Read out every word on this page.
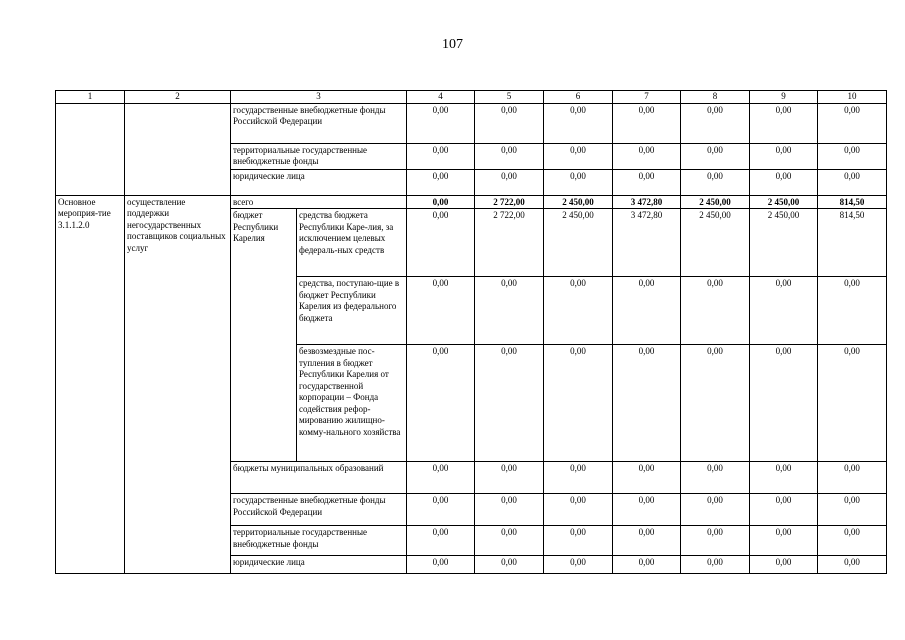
107
1	2	3		4	5	6	7	8	9	10
		государственные внебюджетные фонды Российской Федерации		0,00	0,00	0,00	0,00	0,00	0,00	0,00
		территориальные государственные внебюджетные фонды		0,00	0,00	0,00	0,00	0,00	0,00	0,00
		юридические лица		0,00	0,00	0,00	0,00	0,00	0,00	0,00
Основное мероприя-тие 3.1.1.2.0	осуществление поддержки негосударственных поставщиков социальных услуг	всего		0,00	2 722,00	2 450,00	3 472,80	2 450,00	2 450,00	814,50
		бюджет Республики Карелия	средства бюджета Республики Каре-лия, за исключением целевых федераль-ных средств	0,00	2 722,00	2 450,00	3 472,80	2 450,00	2 450,00	814,50
			средства, поступаю-щие в бюджет Республики Карелия из федерального бюджета	0,00	0,00	0,00	0,00	0,00	0,00	0,00
			безвозмездные пос-тупления в бюджет Республики Карелия от государственной корпорации – Фонда содействия рефор-мированию жилищно-комму-нального хозяйства	0,00	0,00	0,00	0,00	0,00	0,00	0,00
		бюджеты муниципальных образований		0,00	0,00	0,00	0,00	0,00	0,00	0,00
		государственные внебюджетные фонды Российской Федерации		0,00	0,00	0,00	0,00	0,00	0,00	0,00
		территориальные государственные внебюджетные фонды		0,00	0,00	0,00	0,00	0,00	0,00	0,00
		юридические лица		0,00	0,00	0,00	0,00	0,00	0,00	0,00
